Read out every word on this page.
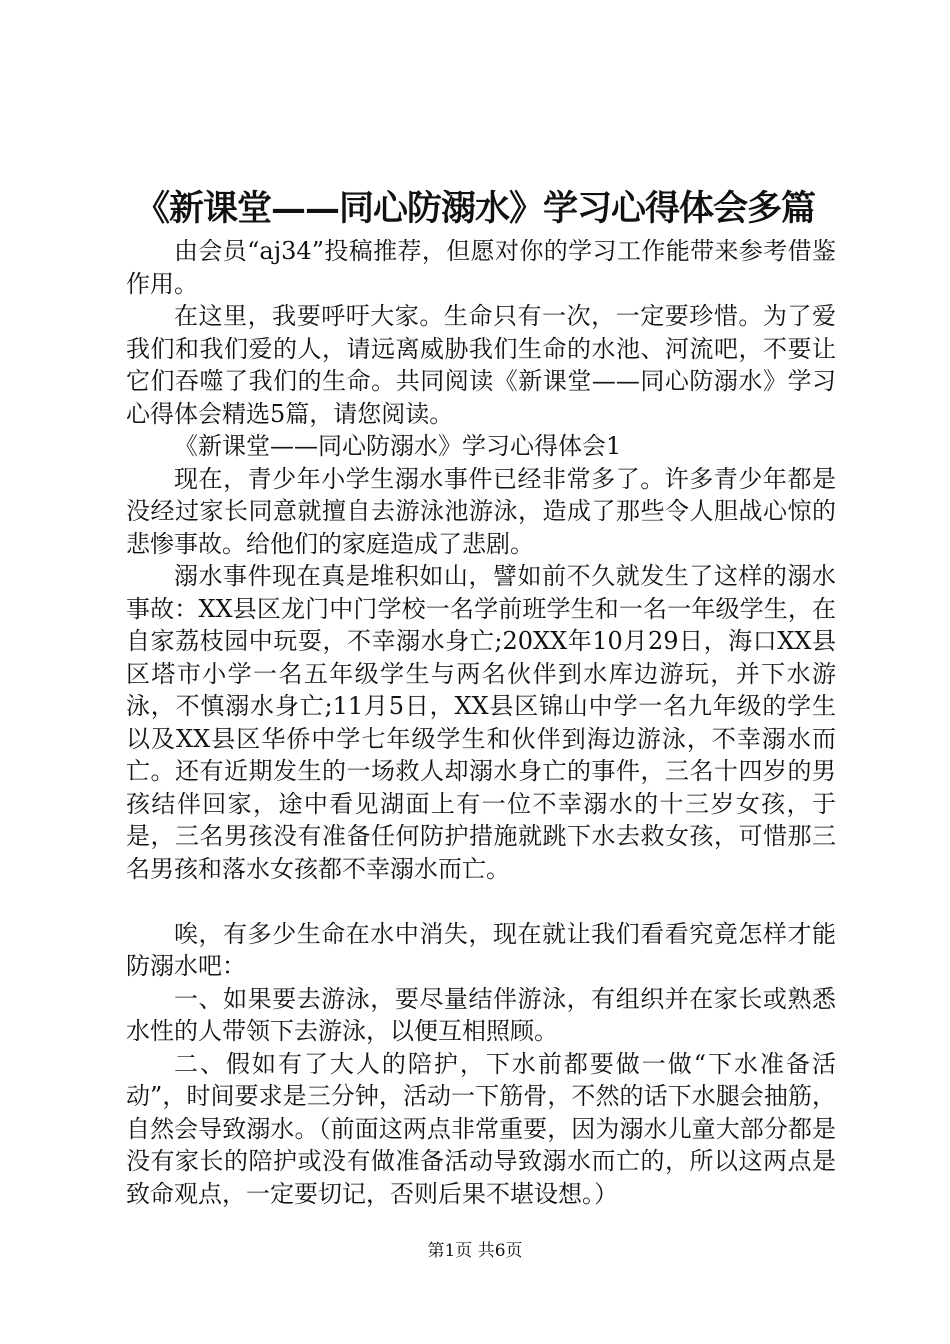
《新课堂——同心防溺水》学习心得体会多篇

由会员“aj34”投稿推荐，但愿对你的学习工作能带来参考借鉴作用。

在这里，我要呼吁大家。生命只有一次，一定要珍惜。为了爱我们和我们爱的人，请远离威胁我们生命的水池、河流吧，不要让它们吞噬了我们的生命。共同阅读《新课堂——同心防溺水》学习心得体会精选5篇，请您阅读。

《新课堂——同心防溺水》学习心得体会1

现在，青少年小学生溺水事件已经非常多了。许多青少年都是没经过家长同意就擅自去游泳池游泳，造成了那些令人胆战心惊的悲惨事故。给他们的家庭造成了悲剧。

溺水事件现在真是堆积如山，譬如前不久就发生了这样的溺水事故：XX县区龙门中门学校一名学前班学生和一名一年级学生，在自家荔枝园中玩耍，不幸溺水身亡;20XX年10月29日，海口XX县区塔市小学一名五年级学生与两名伙伴到水库边游玩，并下水游泳，不慎溺水身亡;11月5日，XX县区锦山中学一名九年级的学生以及XX县区华侨中学七年级学生和伙伴到海边游泳，不幸溺水而亡。还有近期发生的一场救人却溺水身亡的事件，三名十四岁的男孩结伴回家，途中看见湖面上有一位不幸溺水的十三岁女孩，于是，三名男孩没有准备任何防护措施就跳下水去救女孩，可惜那三名男孩和落水女孩都不幸溺水而亡。

唉，有多少生命在水中消失，现在就让我们看看究竟怎样才能防溺水吧：

一、如果要去游泳，要尽量结伴游泳，有组织并在家长或熟悉水性的人带领下去游泳，以便互相照顾。

二、假如有了大人的陪护，下水前都要做一做“下水准备活动”，时间要求是三分钟，活动一下筋骨，不然的话下水腿会抽筋，自然会导致溺水。（前面这两点非常重要，因为溺水儿童大部分都是没有家长的陪护或没有做准备活动导致溺水而亡的，所以这两点是致命观点，一定要切记，否则后果不堪设想。）

第1页 共6页
